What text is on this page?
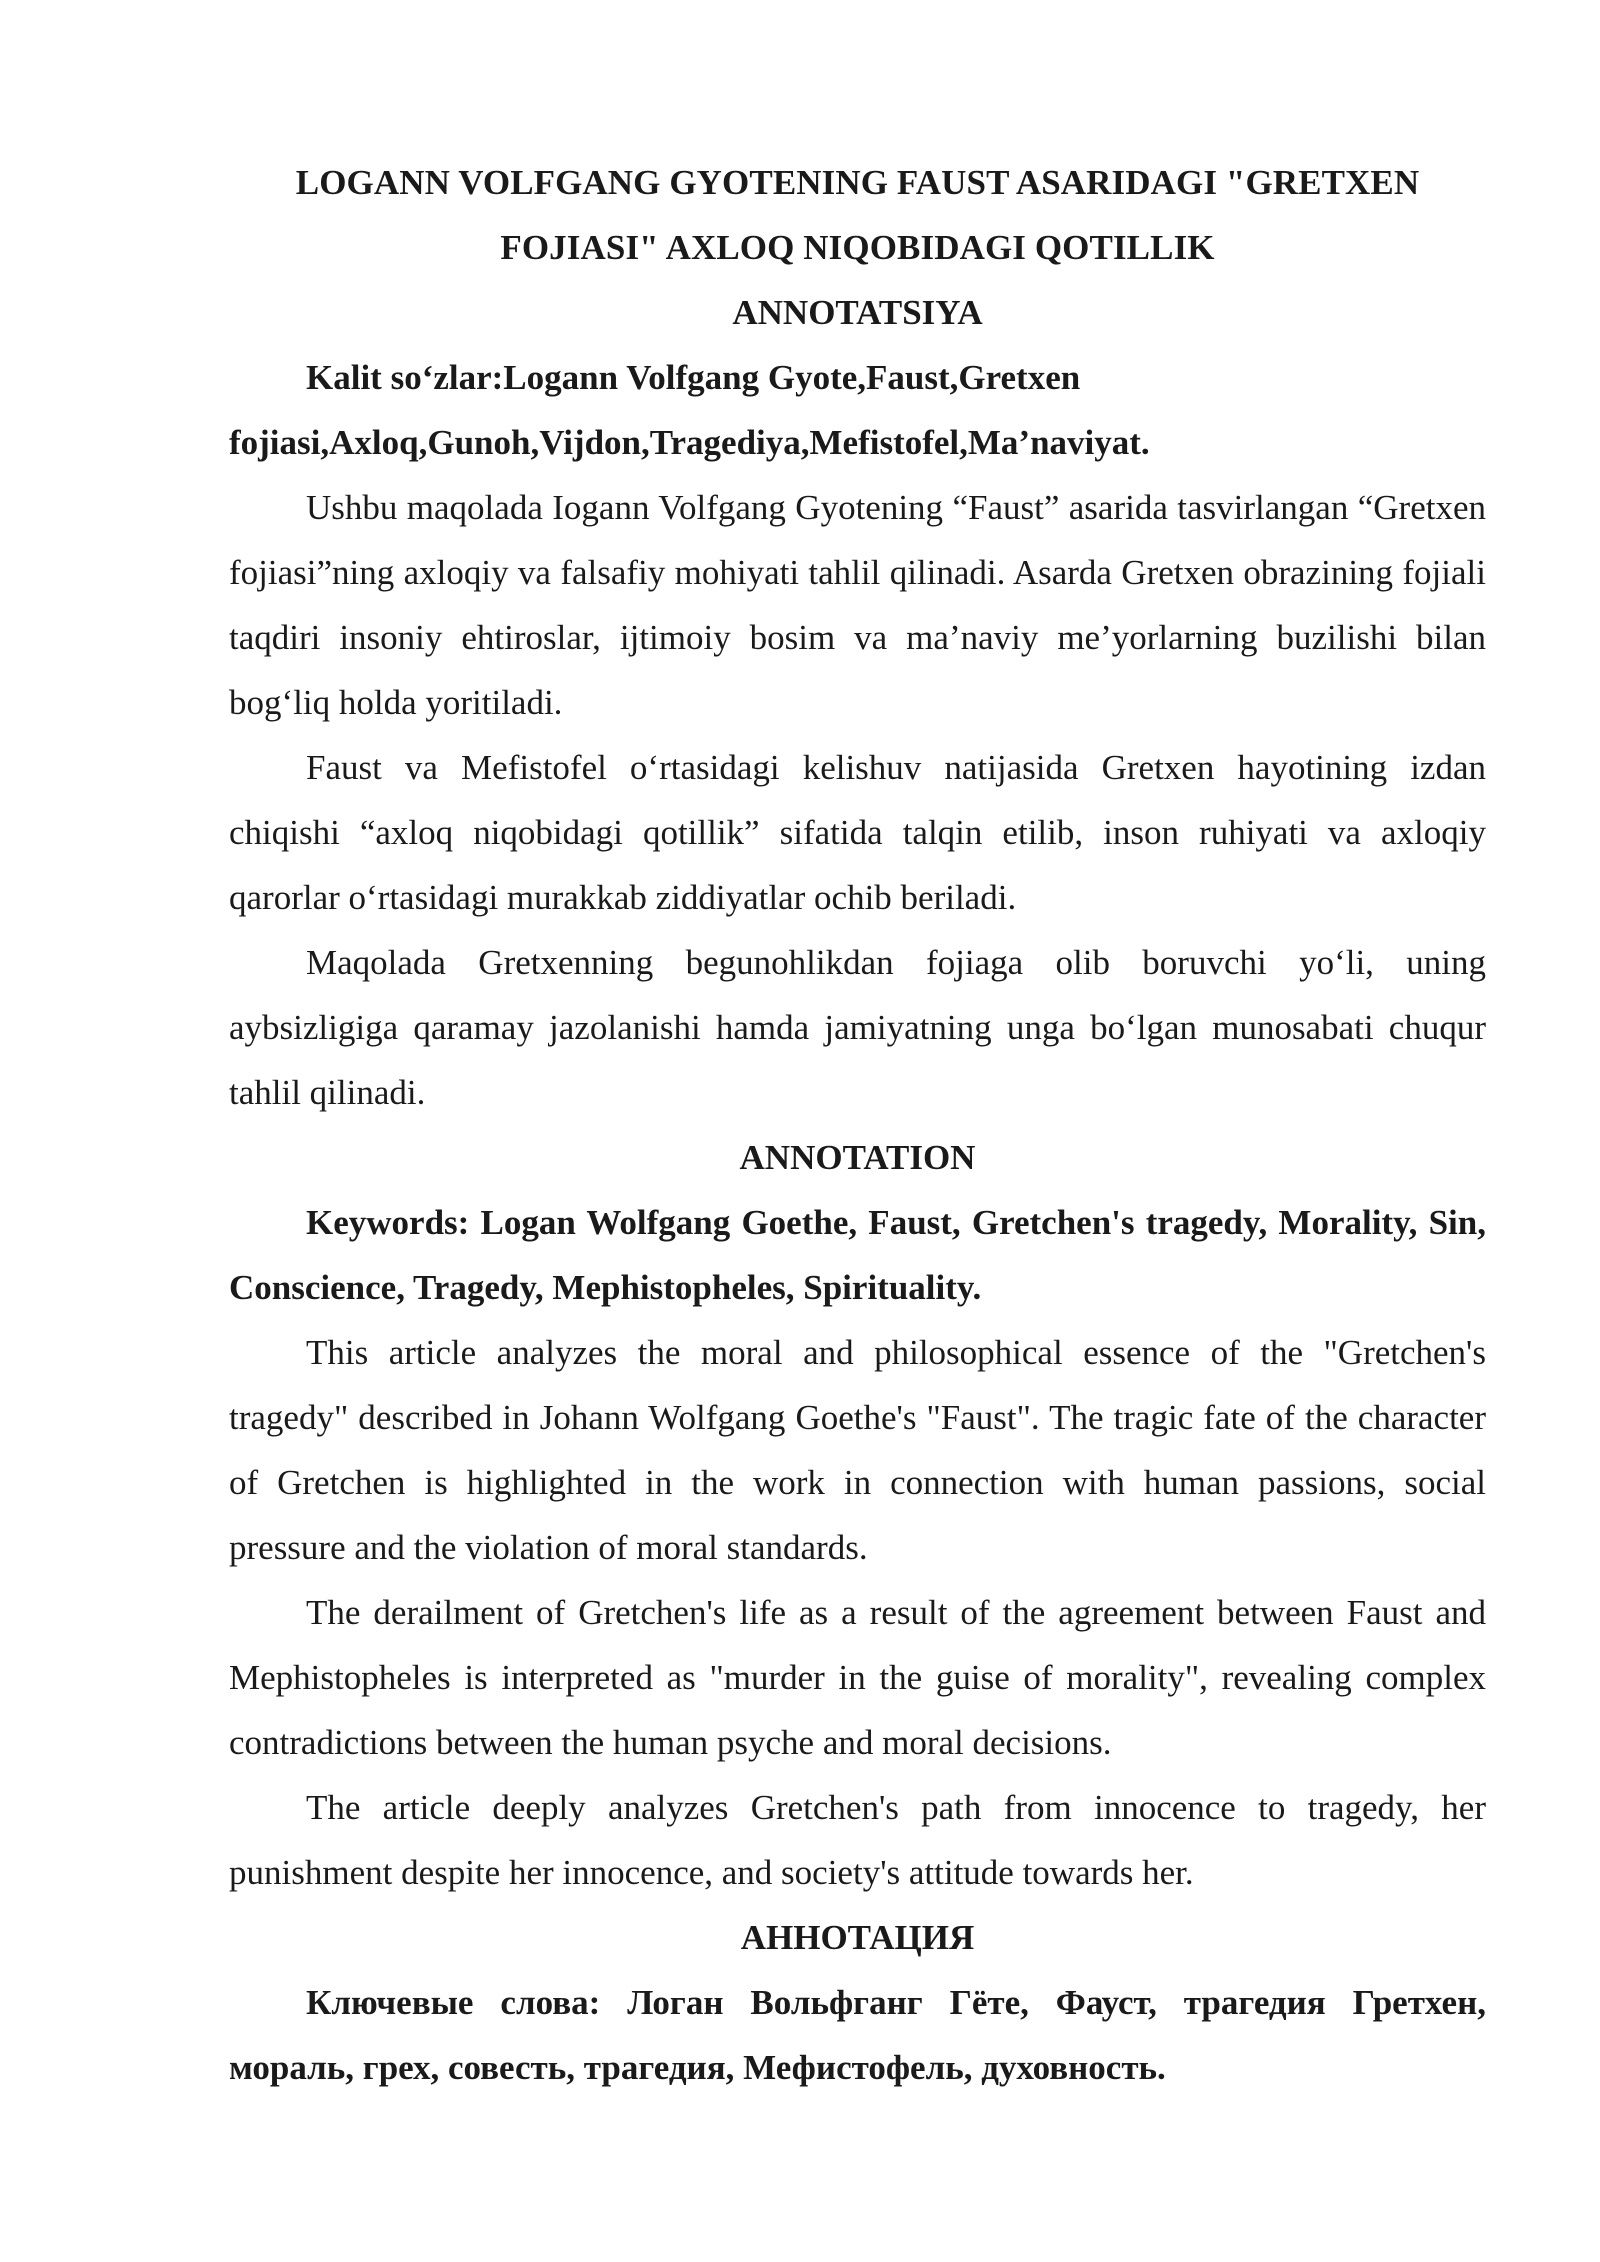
LOGANN VOLFGANG GYOTENING FAUST ASARIDAGI "GRETXEN

FOJIASI" AXLOQ NIQOBIDAGI QOTILLIK

ANNOTATSIYA

Kalit so‘zlar:Logann Volfgang Gyote,Faust,Gretxen fojiasi,Axloq,Gunoh,Vijdon,Tragediya,Mefistofel,Ma’naviyat.

Ushbu maqolada Iogann Volfgang Gyotening “Faust” asarida tasvirlangan “Gretxen fojiasi”ning axloqiy va falsafiy mohiyati tahlil qilinadi. Asarda Gretxen obrazining fojiali taqdiri insoniy ehtiroslar, ijtimoiy bosim va ma’naviy me’yorlarning buzilishi bilan bog‘liq holda yoritiladi.

Faust va Mefistofel o‘rtasidagi kelishuv natijasida Gretxen hayotining izdan chiqishi “axloq niqobidagi qotillik” sifatida talqin etilib, inson ruhiyati va axloqiy qarorlar o‘rtasidagi murakkab ziddiyatlar ochib beriladi.

Maqolada Gretxenning begunohlikdan fojiaga olib boruvchi yo‘li, uning aybsizligiga qaramay jazolanishi hamda jamiyatning unga bo‘lgan munosabati chuqur tahlil qilinadi.

ANNOTATION

Keywords: Logan Wolfgang Goethe, Faust, Gretchen's tragedy, Morality, Sin, Conscience, Tragedy, Mephistopheles, Spirituality.

This article analyzes the moral and philosophical essence of the "Gretchen's tragedy" described in Johann Wolfgang Goethe's "Faust". The tragic fate of the character of Gretchen is highlighted in the work in connection with human passions, social pressure and the violation of moral standards.

The derailment of Gretchen's life as a result of the agreement between Faust and Mephistopheles is interpreted as "murder in the guise of morality", revealing complex contradictions between the human psyche and moral decisions.

The article deeply analyzes Gretchen's path from innocence to tragedy, her punishment despite her innocence, and society's attitude towards her.

АННОТАЦИЯ

Ключевые слова: Логан Вольфганг Гёте, Фауст, трагедия Гретхен, мораль, грех, совесть, трагедия, Мефистофель, духовность.
